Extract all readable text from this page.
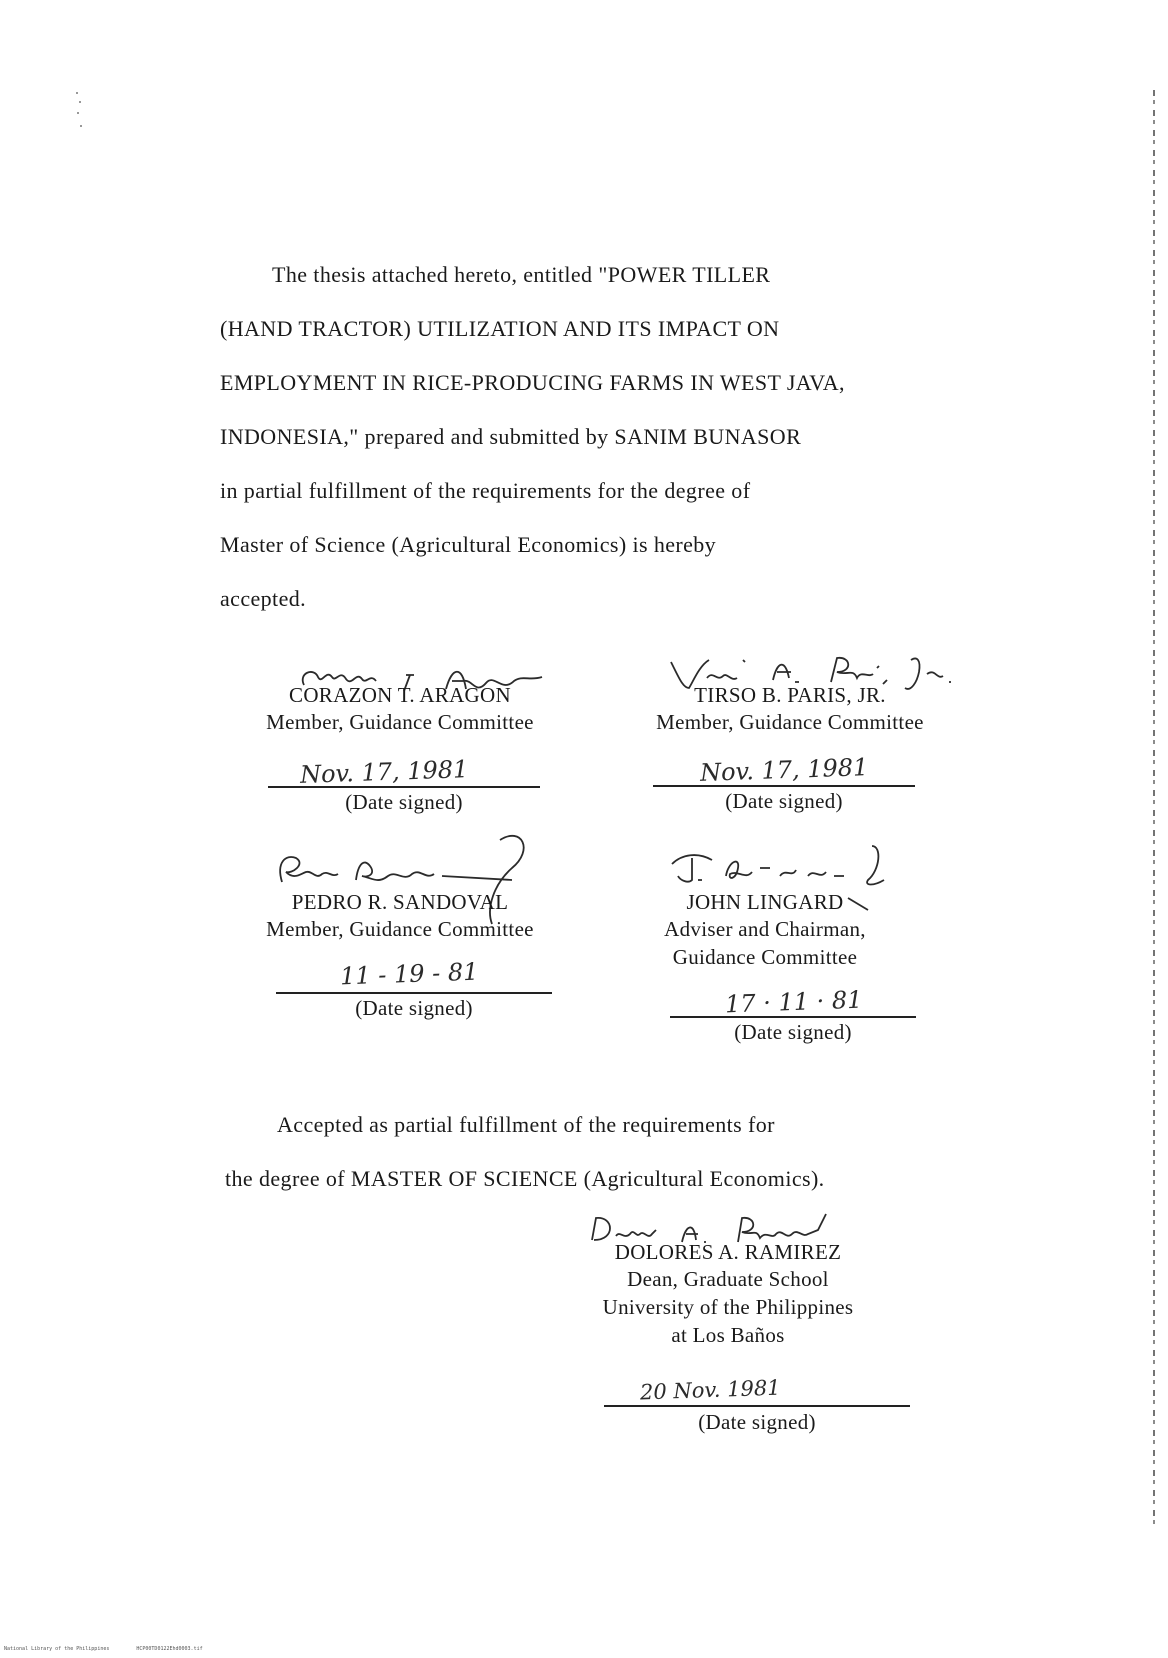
The thesis attached hereto, entitled "POWER TILLER

(HAND TRACTOR) UTILIZATION AND ITS IMPACT ON

EMPLOYMENT IN RICE-PRODUCING FARMS IN WEST JAVA,

INDONESIA," prepared and submitted by SANIM BUNASOR

in partial fulfillment of the requirements for the degree of

Master of Science (Agricultural Economics) is hereby

accepted.

CORAZON T. ARAGON
Member, Guidance Committee
Nov. 17, 1981
(Date signed)
TIRSO B. PARIS, JR.
Member, Guidance Committee
Nov. 17, 1981
(Date signed)
PEDRO R. SANDOVAL
Member, Guidance Committee
11 - 19 - 81
(Date signed)
JOHN LINGARD
Adviser and Chairman,
Guidance Committee
17 · 11 · 81
(Date signed)

Accepted as partial fulfillment of the requirements for

the degree of MASTER OF SCIENCE (Agricultural Economics).

DOLORES A. RAMIREZ
Dean, Graduate School
University of the Philippines
at Los Baños
20 Nov. 1981
(Date signed)
National Library of the Philippines	HCP00TD0122Ehd0003.tif
